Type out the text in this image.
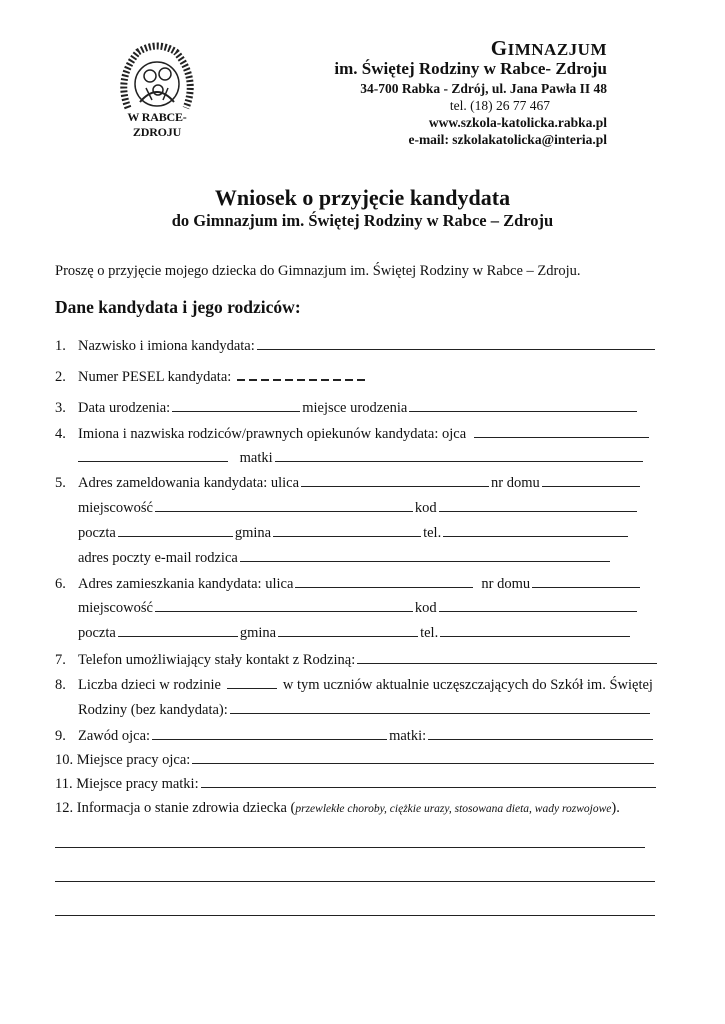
W RABCE-ZDROJU
GIMNAZJUM
im. Świętej Rodziny w Rabce- Zdroju
34-700 Rabka - Zdrój, ul. Jana Pawła II 48
tel. (18) 26 77 467
www.szkola-katolicka.rabka.pl
e-mail: szkolakatolicka@interia.pl
Wniosek o przyjęcie kandydata
do Gimnazjum im. Świętej Rodziny w Rabce – Zdroju
Proszę o przyjęcie mojego dziecka do Gimnazjum im. Świętej Rodziny w Rabce – Zdroju.
Dane kandydata i jego rodziców:
1. Nazwisko i imiona kandydata:
2. Numer PESEL kandydata:
3. Data urodzenia:	miejsce urodzenia
4. Imiona i nazwiska rodziców/prawnych opiekunów kandydata: ojca
matki
5. Adres zameldowania kandydata: ulica	nr domu
miejscowość	kod
poczta	gmina	tel.
adres poczty e-mail rodzica
6. Adres zamieszkania kandydata: ulica	nr domu
miejscowość	kod
poczta	gmina	tel.
7. Telefon umożliwiający stały kontakt z Rodziną:
8. Liczba dzieci w rodzinie	w tym uczniów aktualnie uczęszczających do Szkół im. Świętej
Rodziny (bez kandydata):
9. Zawód ojca:	matki:
10. Miejsce pracy ojca:
11. Miejsce pracy matki:
12. Informacja o stanie zdrowia dziecka (przewlekłe choroby, ciężkie urazy, stosowana dieta, wady rozwojowe).
